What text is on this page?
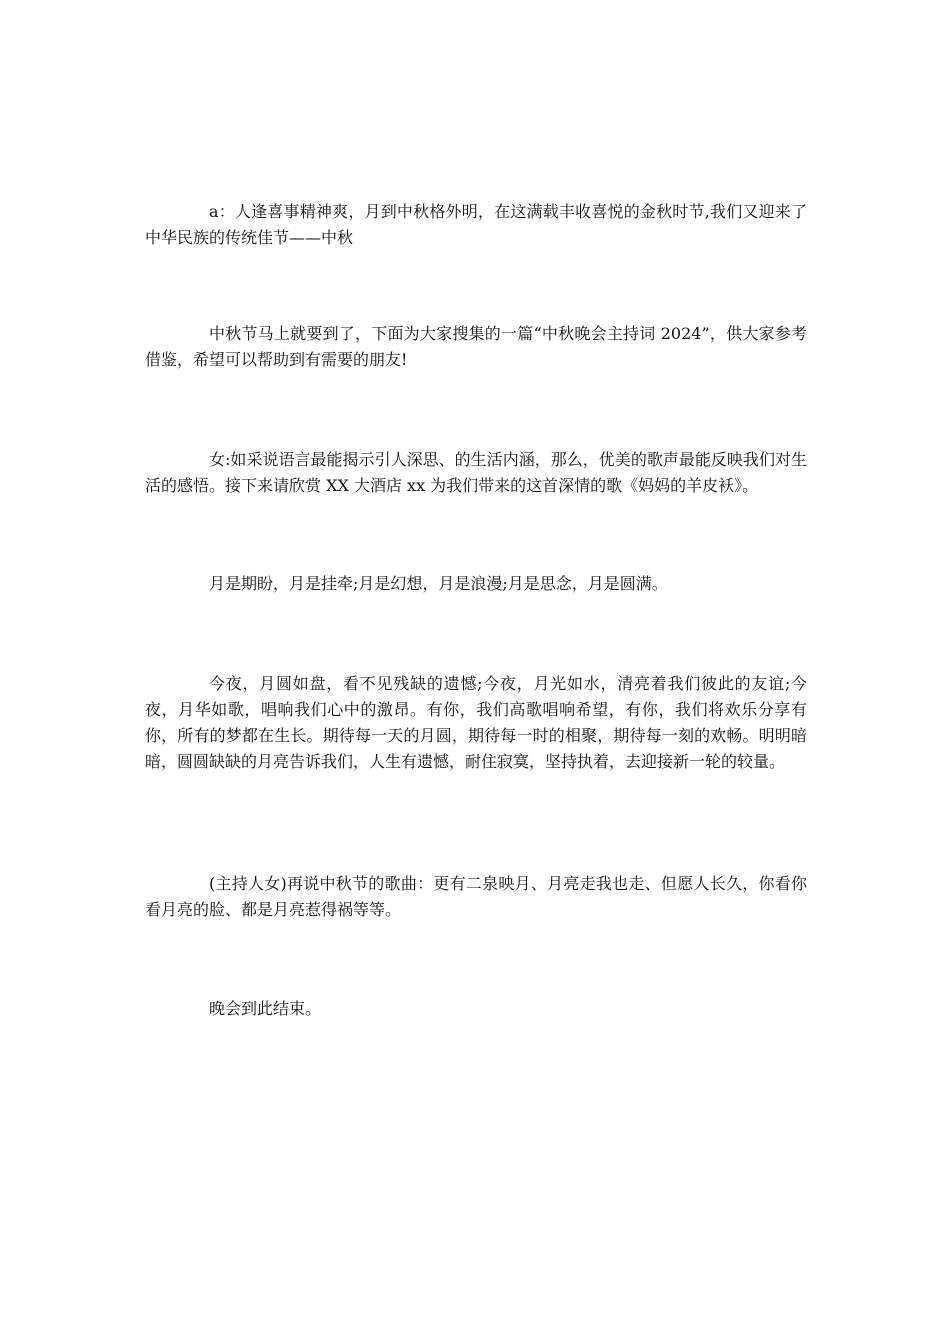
a：人逢喜事精神爽，月到中秋格外明，在这满载丰收喜悦的金秋时节,我们又迎来了中华民族的传统佳节——中秋

中秋节马上就要到了，下面为大家搜集的一篇“中秋晚会主持词 2024”，供大家参考借鉴，希望可以帮助到有需要的朋友!

女:如采说语言最能揭示引人深思、的生活内涵，那么，优美的歌声最能反映我们对生活的感悟。接下来请欣赏 XX 大酒店 xx 为我们带来的这首深情的歌《妈妈的羊皮袄》。

月是期盼，月是挂牵;月是幻想，月是浪漫;月是思念，月是圆满。

今夜，月圆如盘，看不见残缺的遗憾;今夜，月光如水，清亮着我们彼此的友谊;今夜，月华如歌，唱响我们心中的激昂。有你，我们高歌唱响希望，有你，我们将欢乐分享有你，所有的梦都在生长。期待每一天的月圆，期待每一时的相聚，期待每一刻的欢畅。明明暗暗，圆圆缺缺的月亮告诉我们，人生有遗憾，耐住寂寞，坚持执着，去迎接新一轮的较量。

(主持人女)再说中秋节的歌曲：更有二泉映月、月亮走我也走、但愿人长久，你看你看月亮的脸、都是月亮惹得祸等等。

晚会到此结束。
